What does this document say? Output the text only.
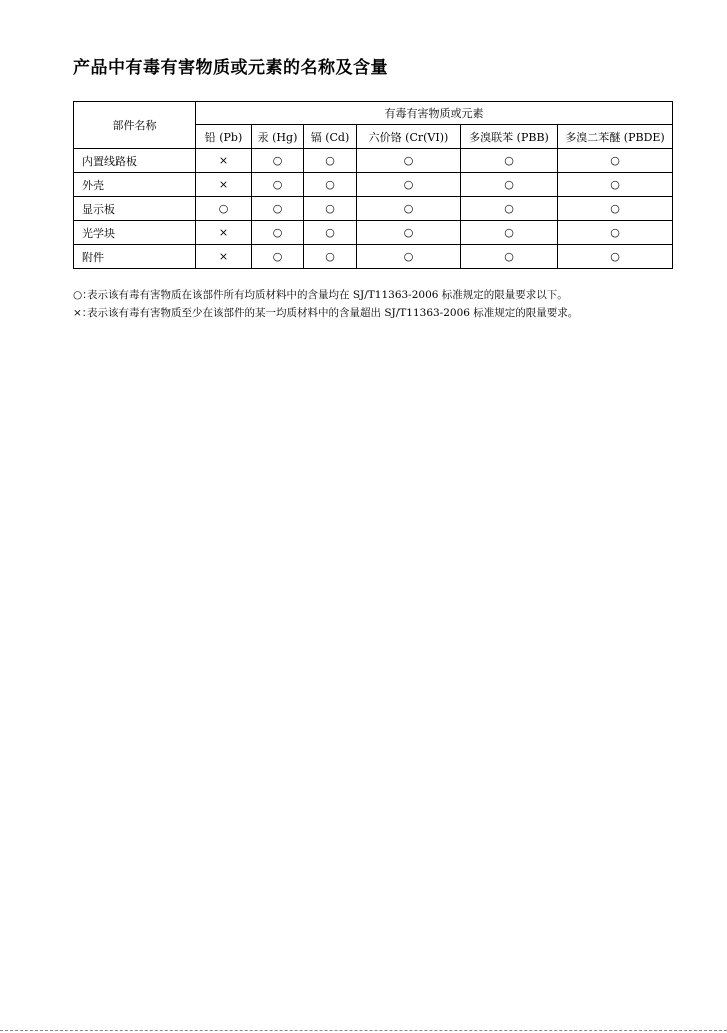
产品中有毒有害物质或元素的名称及含量
部件名称	有毒有害物质或元素					
	铅 (Pb)	汞 (Hg)	镉 (Cd)	六价铬 (Cr(VI))	多溴联苯 (PBB)	多溴二苯醚 (PBDE)
内置线路板	×	○	○	○	○	○
外壳	×	○	○	○	○	○
显示板	○	○	○	○	○	○
光学块	×	○	○	○	○	○
附件	×	○	○	○	○	○
○：表示该有毒有害物质在该部件所有均质材料中的含量均在 SJ/T11363-2006 标准规定的限量要求以下。
×：表示该有毒有害物质至少在该部件的某一均质材料中的含量超出 SJ/T11363-2006 标准规定的限量要求。
